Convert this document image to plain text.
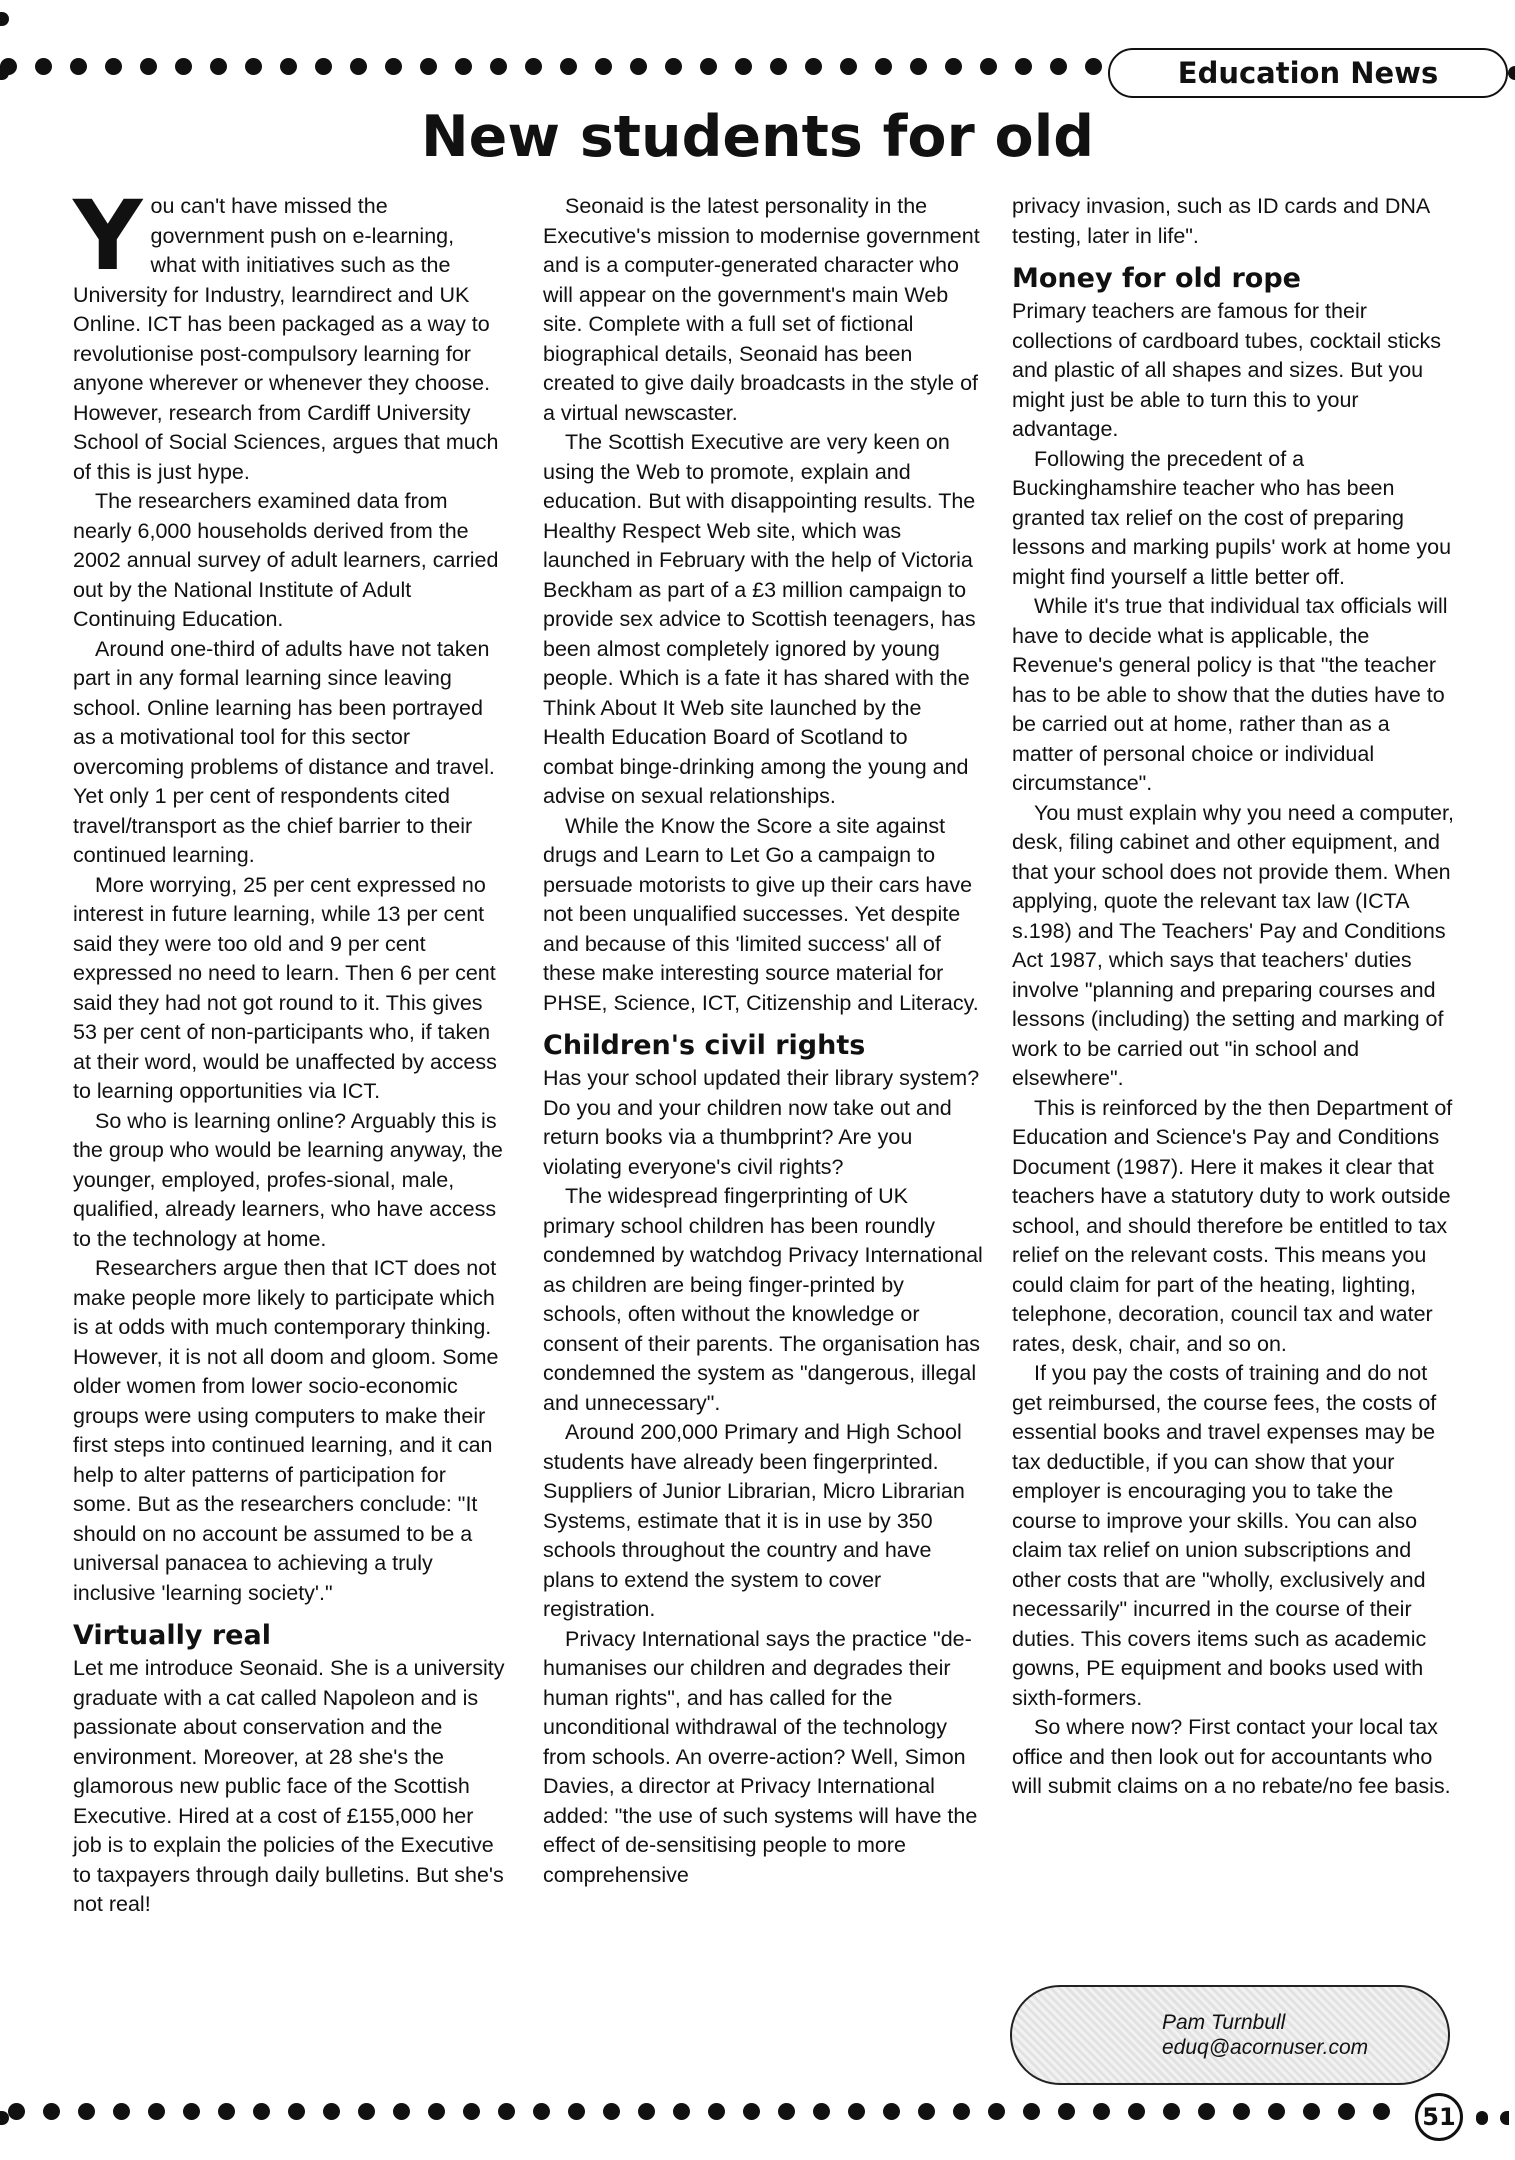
Education News
New students for old

You can't have missed the government push on e-learning, what with initiatives such as the University for Industry, learndirect and UK Online. ICT has been packaged as a way to revolutionise post-compulsory learning for anyone wherever or whenever they choose. However, research from Cardiff University School of Social Sciences, argues that much of this is just hype.

The researchers examined data from nearly 6,000 households derived from the 2002 annual survey of adult learners, carried out by the National Institute of Adult Continuing Education.

Around one-third of adults have not taken part in any formal learning since leaving school. Online learning has been portrayed as a motivational tool for this sector overcoming problems of distance and travel. Yet only 1 per cent of respondents cited travel/transport as the chief barrier to their continued learning.

More worrying, 25 per cent expressed no interest in future learning, while 13 per cent said they were too old and 9 per cent expressed no need to learn. Then 6 per cent said they had not got round to it. This gives 53 per cent of non-participants who, if taken at their word, would be unaffected by access to learning opportunities via ICT.

So who is learning online? Arguably this is the group who would be learning anyway, the younger, employed, profes-sional, male, qualified, already learners, who have access to the technology at home.

Researchers argue then that ICT does not make people more likely to participate which is at odds with much contemporary thinking. However, it is not all doom and gloom. Some older women from lower socio-economic groups were using computers to make their first steps into continued learning, and it can help to alter patterns of participation for some. But as the researchers conclude: "It should on no account be assumed to be a universal panacea to achieving a truly inclusive 'learning society'."

Virtually real

Let me introduce Seonaid. She is a university graduate with a cat called Napoleon and is passionate about conservation and the environment. Moreover, at 28 she's the glamorous new public face of the Scottish Executive. Hired at a cost of £155,000 her job is to explain the policies of the Executive to taxpayers through daily bulletins. But she's not real!

Seonaid is the latest personality in the Executive's mission to modernise government and is a computer-generated character who will appear on the government's main Web site. Complete with a full set of fictional biographical details, Seonaid has been created to give daily broadcasts in the style of a virtual newscaster.

The Scottish Executive are very keen on using the Web to promote, explain and education. But with disappointing results. The Healthy Respect Web site, which was launched in February with the help of Victoria Beckham as part of a £3 million campaign to provide sex advice to Scottish teenagers, has been almost completely ignored by young people. Which is a fate it has shared with the Think About It Web site launched by the Health Education Board of Scotland to combat binge-drinking among the young and advise on sexual relationships.

While the Know the Score a site against drugs and Learn to Let Go a campaign to persuade motorists to give up their cars have not been unqualified successes. Yet despite and because of this 'limited success' all of these make interesting source material for PHSE, Science, ICT, Citizenship and Literacy.

Children's civil rights

Has your school updated their library system? Do you and your children now take out and return books via a thumbprint? Are you violating everyone's civil rights?

The widespread fingerprinting of UK primary school children has been roundly condemned by watchdog Privacy International as children are being finger-printed by schools, often without the knowledge or consent of their parents. The organisation has condemned the system as "dangerous, illegal and unnecessary".

Around 200,000 Primary and High School students have already been fingerprinted. Suppliers of Junior Librarian, Micro Librarian Systems, estimate that it is in use by 350 schools throughout the country and have plans to extend the system to cover registration.

Privacy International says the practice "de-humanises our children and degrades their human rights", and has called for the unconditional withdrawal of the technology from schools. An overre-action? Well, Simon Davies, a director at Privacy International added: "the use of such systems will have the effect of de-sensitising people to more comprehensive

privacy invasion, such as ID cards and DNA testing, later in life".

Money for old rope

Primary teachers are famous for their collections of cardboard tubes, cocktail sticks and plastic of all shapes and sizes. But you might just be able to turn this to your advantage.

Following the precedent of a Buckinghamshire teacher who has been granted tax relief on the cost of preparing lessons and marking pupils' work at home you might find yourself a little better off.

While it's true that individual tax officials will have to decide what is applicable, the Revenue's general policy is that "the teacher has to be able to show that the duties have to be carried out at home, rather than as a matter of personal choice or individual circumstance".

You must explain why you need a computer, desk, filing cabinet and other equipment, and that your school does not provide them. When applying, quote the relevant tax law (ICTA s.198) and The Teachers' Pay and Conditions Act 1987, which says that teachers' duties involve "planning and preparing courses and lessons (including) the setting and marking of work to be carried out "in school and elsewhere".

This is reinforced by the then Department of Education and Science's Pay and Conditions Document (1987). Here it makes it clear that teachers have a statutory duty to work outside school, and should therefore be entitled to tax relief on the relevant costs. This means you could claim for part of the heating, lighting, telephone, decoration, council tax and water rates, desk, chair, and so on.

If you pay the costs of training and do not get reimbursed, the course fees, the costs of essential books and travel expenses may be tax deductible, if you can show that your employer is encouraging you to take the course to improve your skills. You can also claim tax relief on union subscriptions and other costs that are "wholly, exclusively and necessarily" incurred in the course of their duties. This covers items such as academic gowns, PE equipment and books used with sixth-formers.

So where now? First contact your local tax office and then look out for accountants who will submit claims on a no rebate/no fee basis.

Pam Turnbull
eduq@acornuser.com
51
